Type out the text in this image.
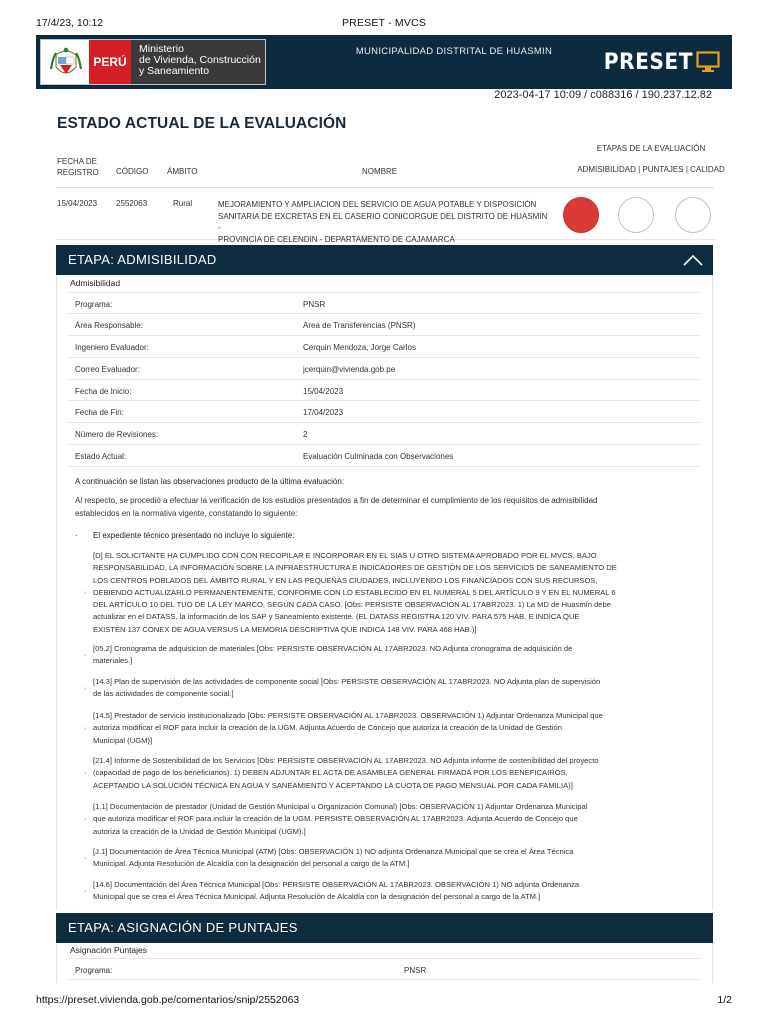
17/4/23, 10:12	PRESET - MVCS
PERÚ
Ministerio
de Vivienda, Construcción
y Saneamiento
MUNICIPALIDAD DISTRITAL DE HUASMIN	PRESET
2023-04-17 10:09 / c088316 / 190.237.12.82
ESTADO ACTUAL DE LA EVALUACIÓN
FECHA DE
REGISTRO CÓDIGO ÁMBITO	NOMBRE
ETAPAS DE LA EVALUACIÓN
ADMISIBILIDAD | PUNTAJES | CALIDAD
15/04/2023 2552063	Rural	MEJORAMIENTO Y AMPLIACION DEL SERVICIO DE AGUA POTABLE Y DISPOSICIÓN
SANITARIA DE EXCRETAS EN EL CASERIO CONICORGUE DEL DISTRITO DE HUASMIN -
PROVINCIA DE CELENDIN - DEPARTAMENTO DE CAJAMARCA
ETAPA: ADMISIBILIDAD
Admisibilidad
Programa:	PNSR
Área Responsable:	Area de Transferencias (PNSR)
Ingeniero Evaluador:	Cerquin Mendoza, Jorge Carlos
Correo Evaluador:	jcerquin@vivienda.gob.pe
Fecha de Inicio:	15/04/2023
Fecha de Fin:	17/04/2023
Número de Revisiones:	2
Estado Actual:	Evaluación Culminada con Observaciones
A continuación se listan las observaciones producto de la última evaluación:
Al respecto, se procedió a efectuar la verificación de los estudios presentados a fin de determinar el cumplimiento de los requisitos de admisibilidad
establecidos en la normativa vigente, constatando lo siguiente:
· El expediente técnico presentado no incluye lo siguiente:
·
[D] EL SOLICITANTE HA CUMPLIDO CON CON RECOPILAR E INCORPORAR EN EL SIAS U OTRO SISTEMA APROBADO POR EL MVCS, BAJO
RESPONSABILIDAD, LA INFORMACIÓN SOBRE LA INFRAESTRUCTURA E INDICADORES DE GESTIÓN DE LOS SERVICIOS DE SANEAMIENTO DE
LOS CENTROS POBLADOS DEL ÁMBITO RURAL Y EN LAS PEQUEÑAS CIUDADES, INCLUYENDO LOS FINANCIADOS CON SUS RECURSOS,
DEBIENDO ACTUALIZARLO PERMANENTEMENTE, CONFORME CON LO ESTABLECIDO EN EL NUMERAL 5 DEL ARTÍCULO 9 Y EN EL NUMERAL 6
DEL ARTÍCULO 10 DEL TUO DE LA LEY MARCO, SEGÚN CADA CASO. [Obs: PERSISTE OBSERVACIÓN AL 17ABR2023. 1) La MD de Huasmín debe
actualizar en el DATASS, la información de los SAP y Saneamiento existente. (EL DATASS REGISTRA 120 VIV. PARA 575 HAB. E INDICA QUE
EXISTEN 137 CONEX DE AGUA VERSUS LA MEMORIA DESCRIPTIVA QUE INDICA 148 VIV. PARA 468 HAB.)]
·
[05.2] Cronograma de adquisicion de materiales [Obs: PERSISTE OBSERVACIÓN AL 17ABR2023. NO Adjunta cronograma de adquisición de
materiales.]
·
[14.3] Plan de supervisión de las actividades de componente social [Obs: PERSISTE OBSERVACIÓN AL 17ABR2023. NO Adjunta plan de supervisión
de las actividades de componente social.]
·
[14.5] Prestador de servicio institucionalizado [Obs: PERSISTE OBSERVACIÓN AL 17ABR2023. OBSERVACIÓN 1) Adjuntar Ordenanza Municipal que
autoriza modificar el ROF para incluir la creación de la UGM. Adjunta Acuerdo de Concejo que autoriza la creación de la Unidad de Gestión
Municipal (UGM)]
·
[21.4] Informe de Sostenibilidad de los Servicios [Obs: PERSISTE OBSERVACIÓN AL 17ABR2023. NO Adjunta informe de sostenibilidad del proyecto
(capacidad de pago de los beneficiarios). 1) DEBEN ADJUNTAR EL ACTA DE ASAMBLEA GENERAL FIRMADA POR LOS BENEFICAIROS,
ACEPTANDO LA SOLUCIÓN TÉCNICA EN AGUA Y SANEAMIENTO Y ACEPTANDO LA CUOTA DE PAGO MENSUAL POR CADA FAMILIA)]
·
[1.1] Documentación de prestador (Unidad de Gestión Municipal u Organización Comunal) [Obs: OBSERVACIÓN 1) Adjuntar Ordenanza Municipal
que autoriza modificar el ROF para incluir la creación de la UGM. PERSISTE OBSERVACIÓN AL 17ABR2023. Adjunta Acuerdo de Concejo que
autoriza la creación de la Unidad de Gestión Municipal (UGM).]
·
[J.1] Documentación de Área Técnica Municipal (ATM) [Obs: OBSERVACIÓN 1) NO adjunta Ordenanza Municipal que se crea el Área Técnica
Municipal. Adjunta Resolución de Alcaldía con la designación del personal a cargo de la ATM.]
·
[14.6] Documentación del Área Técnica Municipal [Obs: PERSISTE OBSERVACIÓN AL 17ABR2023. OBSERVACIÓN 1) NO adjunta Ordenanza
Municipal que se crea el Área Técnica Municipal. Adjunta Resolución de Alcaldía con la designación del personal a cargo de la ATM.]
ETAPA: ASIGNACIÓN DE PUNTAJES
Asignación Puntajes
Programa:	PNSR
https://preset.vivienda.gob.pe/comentarios/snip/2552063	1/2
